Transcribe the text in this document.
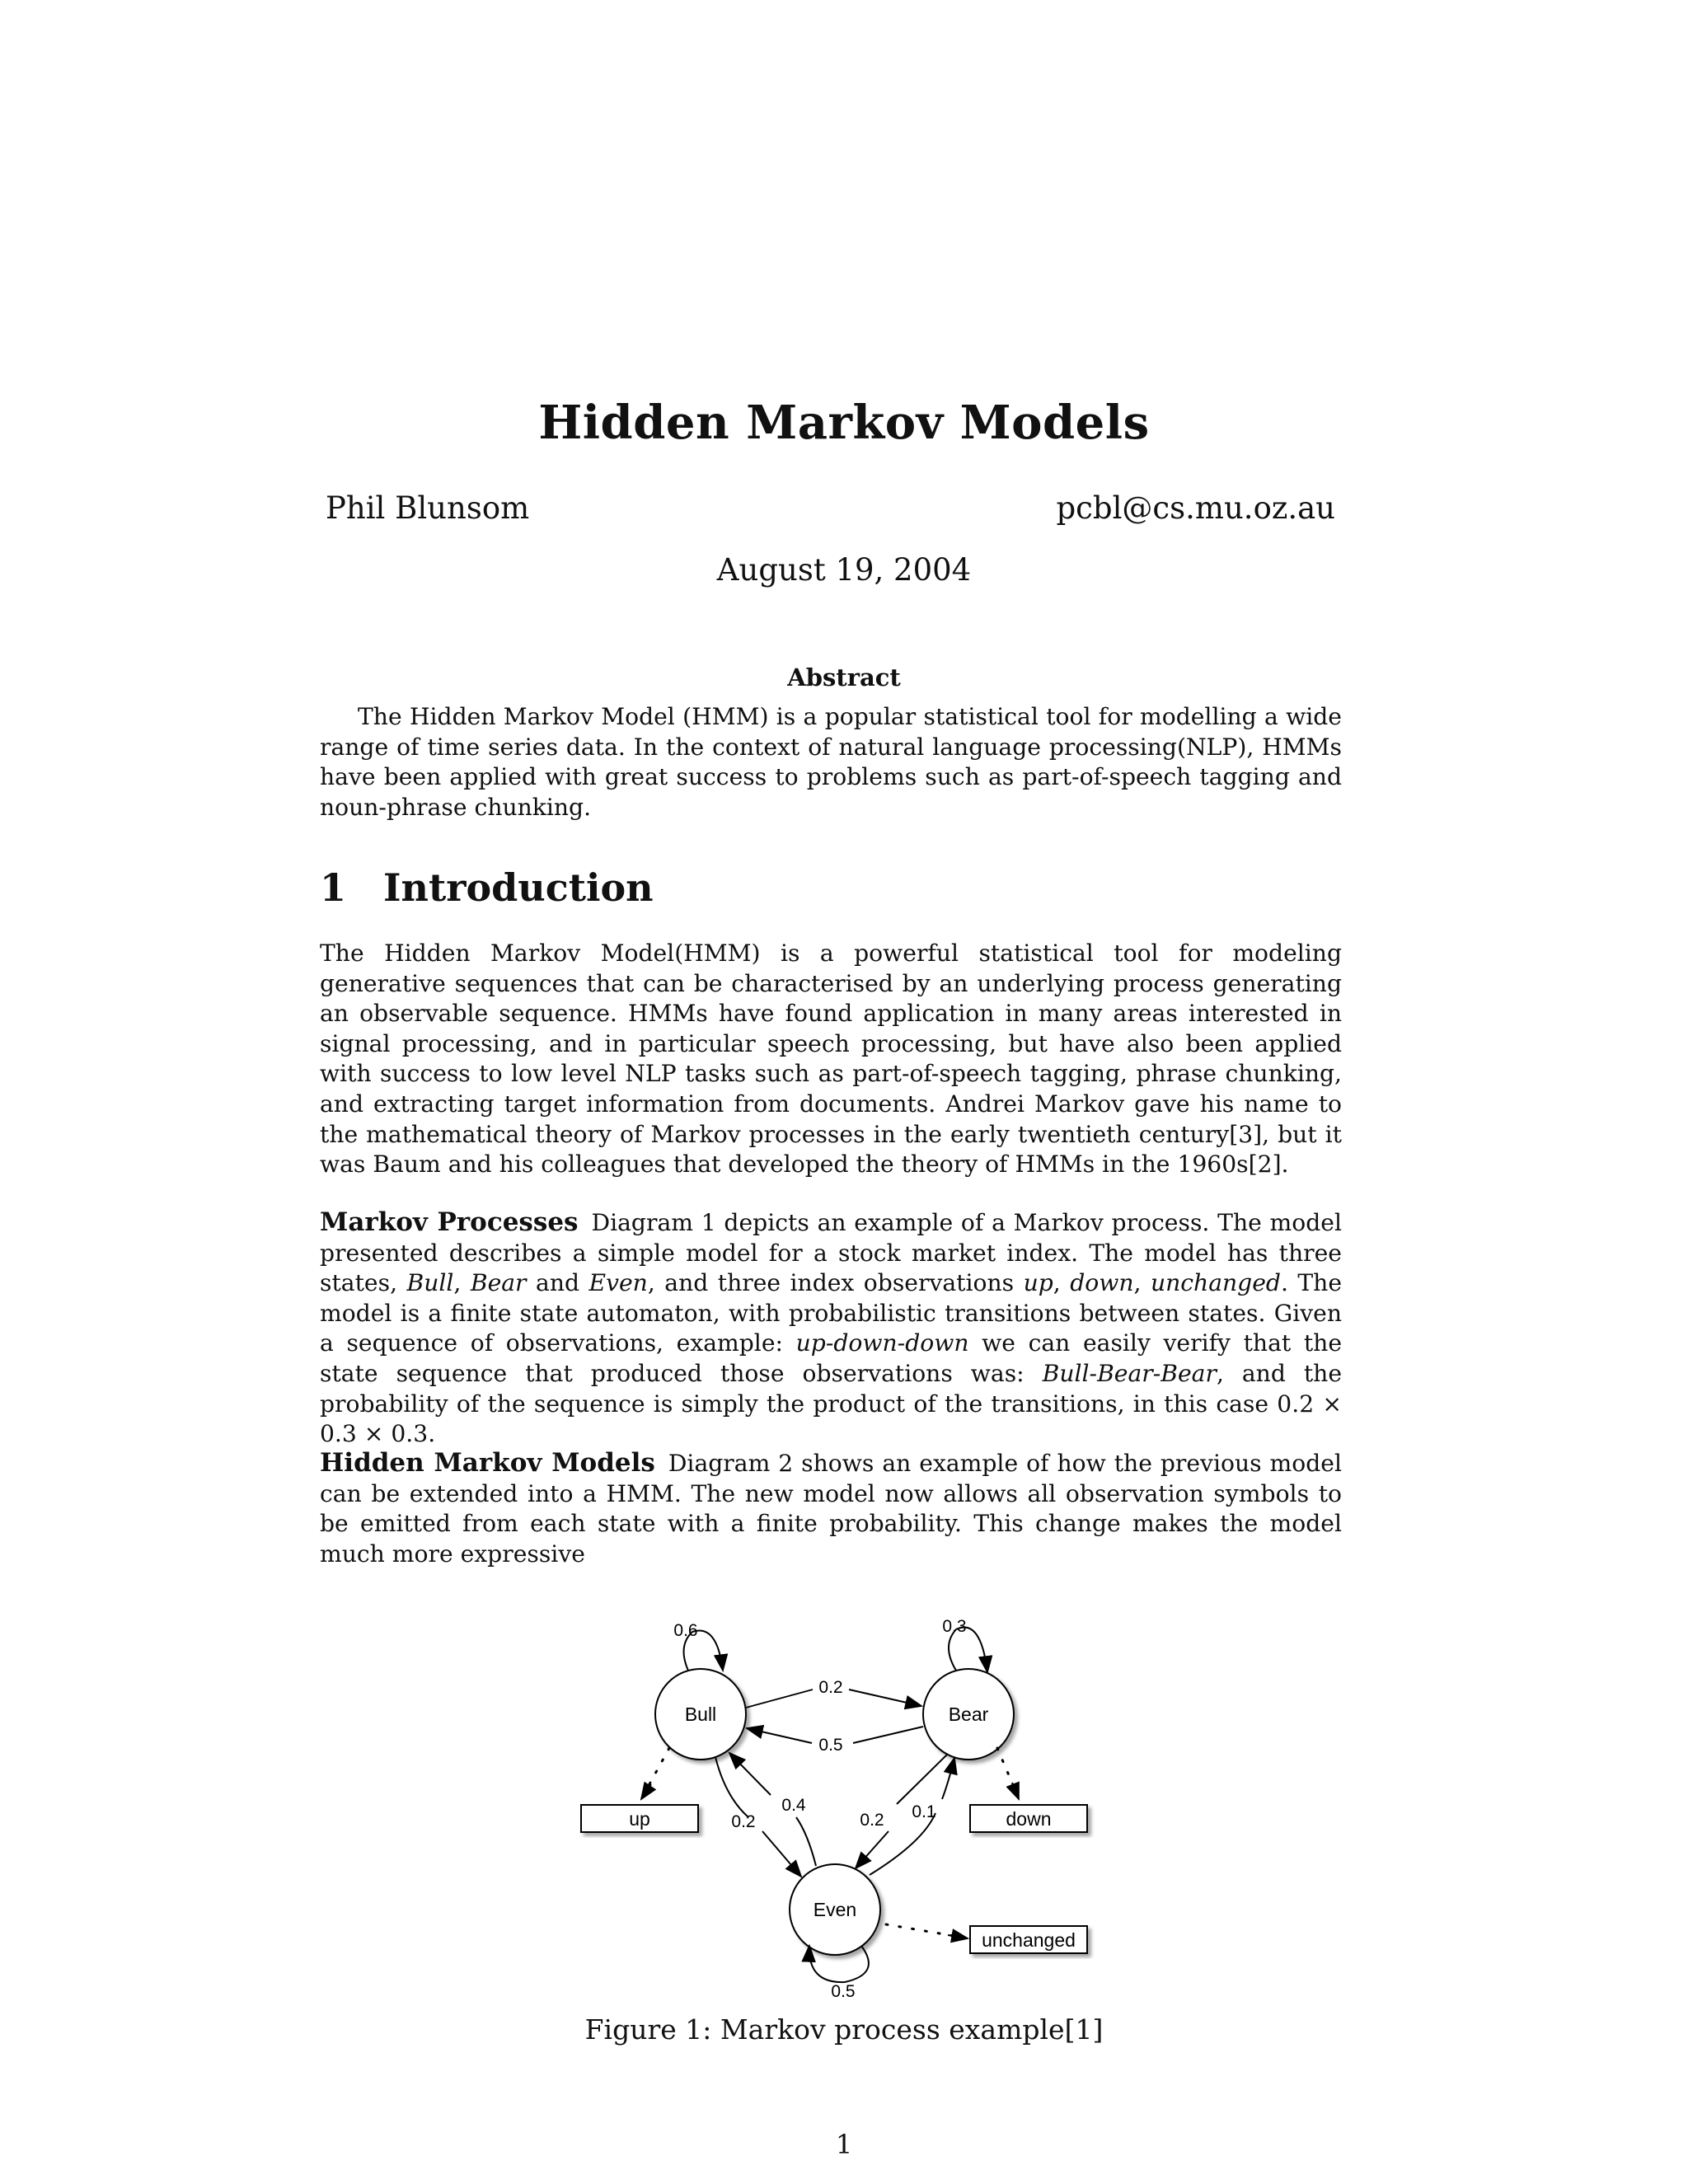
Hidden Markov Models
Phil Blunsom	pcbl@cs.mu.oz.au
August 19, 2004
Abstract

The Hidden Markov Model (HMM) is a popular statistical tool for modelling a wide range of time series data. In the context of natural language processing(NLP), HMMs have been applied with great success to problems such as part-of-speech tagging and noun-phrase chunking.

1 Introduction

The Hidden Markov Model(HMM) is a powerful statistical tool for modeling generative sequences that can be characterised by an underlying process generating an observable sequence. HMMs have found application in many areas interested in signal processing, and in particular speech processing, but have also been applied with success to low level NLP tasks such as part-of-speech tagging, phrase chunking, and extracting target information from documents. Andrei Markov gave his name to the mathematical theory of Markov processes in the early twentieth century[3], but it was Baum and his colleagues that developed the theory of HMMs in the 1960s[2].

Markov Processes Diagram 1 depicts an example of a Markov process. The model presented describes a simple model for a stock market index. The model has three states, Bull, Bear and Even, and three index observations up, down, unchanged. The model is a finite state automaton, with probabilistic transitions between states. Given a sequence of observations, example: up-down-down we can easily verify that the state sequence that produced those observations was: Bull-Bear-Bear, and the probability of the sequence is simply the product of the transitions, in this case 0.2 × 0.3 × 0.3.

Hidden Markov Models Diagram 2 shows an example of how the previous model can be extended into a HMM. The new model now allows all observation symbols to be emitted from each state with a finite probability. This change makes the model much more expressive

Bull	Bear
Even
up	down
unchanged
0.6	0.3
0.5
0.2
0.5
0.2
0.4
0.2 0.1
Figure 1: Markov process example[1]
1
